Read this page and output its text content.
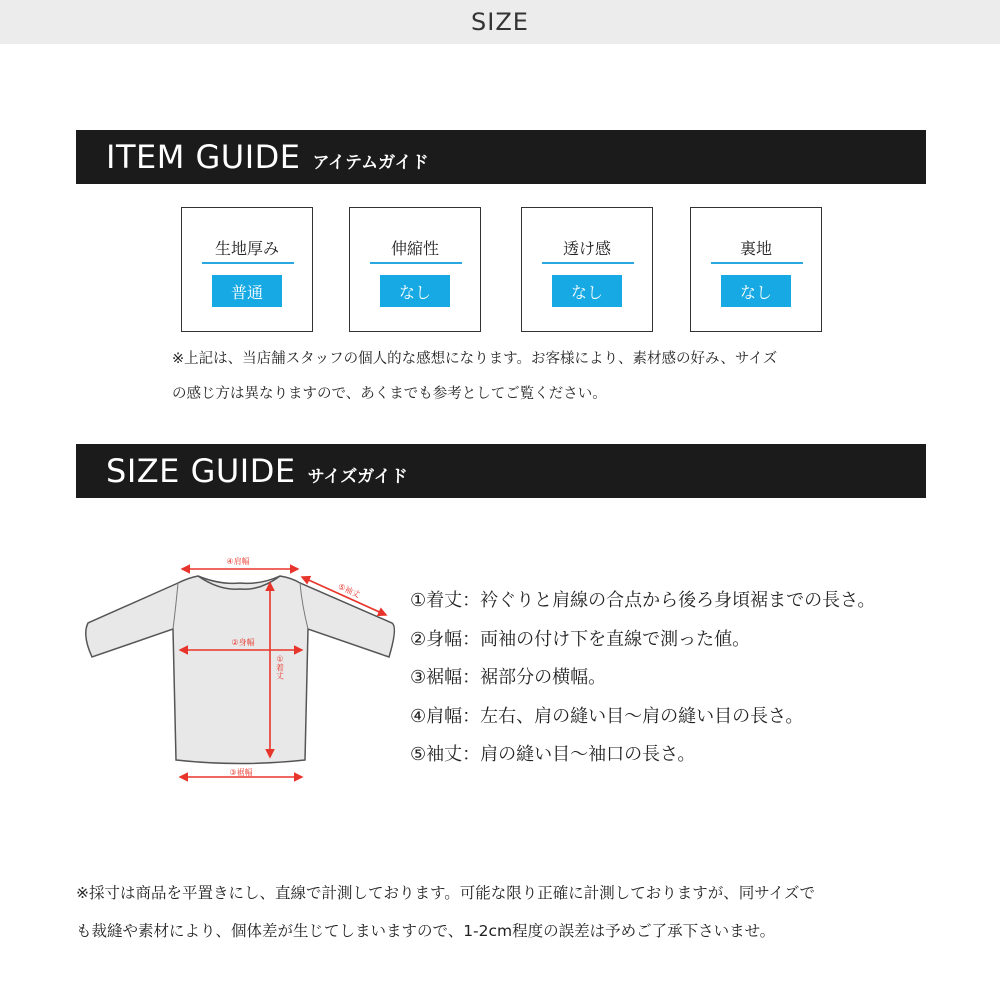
SIZE
ITEM GUIDE アイテムガイド
生地厚み
普通
伸縮性
なし
透け感
なし
裏地
なし
※上記は、当店舗スタッフの個人的な感想になります。お客様により、素材感の好み、サイズ
の感じ方は異なりますので、あくまでも参考としてご覧ください。
SIZE GUIDE サイズガイド
④肩幅
⑤袖丈
②身幅
①着丈
③裾幅
①着丈：衿ぐりと肩線の合点から後ろ身頃裾までの長さ。
②身幅：両袖の付け下を直線で測った値。
③裾幅：裾部分の横幅。
④肩幅：左右、肩の縫い目〜肩の縫い目の長さ。
⑤袖丈：肩の縫い目〜袖口の長さ。
※採寸は商品を平置きにし、直線で計測しております。可能な限り正確に計測しておりますが、同サイズで
も裁縫や素材により、個体差が生じてしまいますので、1-2cm程度の誤差は予めご了承下さいませ。
